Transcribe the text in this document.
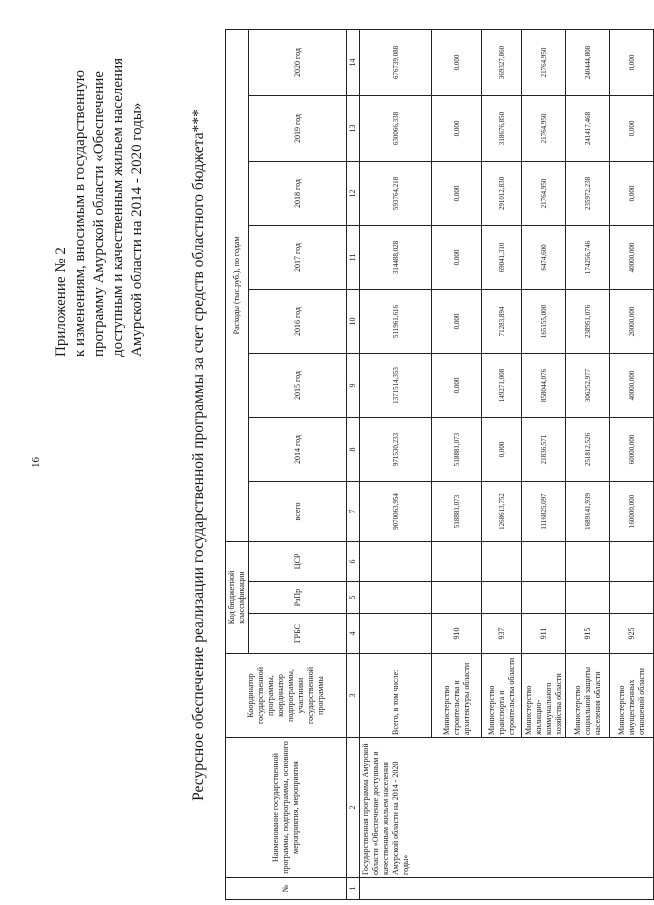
16
Приложение № 2 к изменениям, вносимым в государственную программу Амурской области «Обеспечение доступным и качественным жильем населения Амурской области на 2014 - 2020 годы»	Ресурсное обеспечение реализации государственной программы за счет средств областного бюджета***
№	Наименование государственной программы, подпрограммы, основного мероприятия, мероприятия	Координатор государственной программы, координатор подпрограммы, участники государственной программы	Код бюджетной классификации			Расходы (тыс.руб.), по годам							
			ГРБС	РзПр	ЦСР	всего	2014 год	2015 год	2016 год	2017 год	2018 год	2019 год	2020 год

1	2	3	4	5	6	7	8	9	10	11	12	13	14
	Государственная программа Амурской области «Обеспечение доступным и качественным жильем населения Амурской области на 2014 - 2020 годы»	Всего, в том числе:				9070063,954	971530,233	1371514,353	511961,616	314488,028	593764,218	630066,338	676739,088
		Министерство строительства и архитектуры области	910			518881,073	518881,073	0,000	0,000	0,000	0,000	0,000	0,000
		Министерство транспорта и строительства области	937			1268613,752	0,000	149271,008	71283,894	69041,310	291012,830	318676,850	369327,860
		Министерство жилищно-коммунального хозяйства области	911			1116825,097	21836,571	858044,076	165155,000	6474,600	21764,950	21764,950	21764,950
		Министерство социальной защиты населения области	915			1689141,939	251812,526	306252,977	238951,076	174256,746	235972,238	241417,468	240444,808
		Министерство имущественных отношений области	925			160000,000	60000,000	40000,000	20000,000	40000,000	0,000	0,000	0,000
